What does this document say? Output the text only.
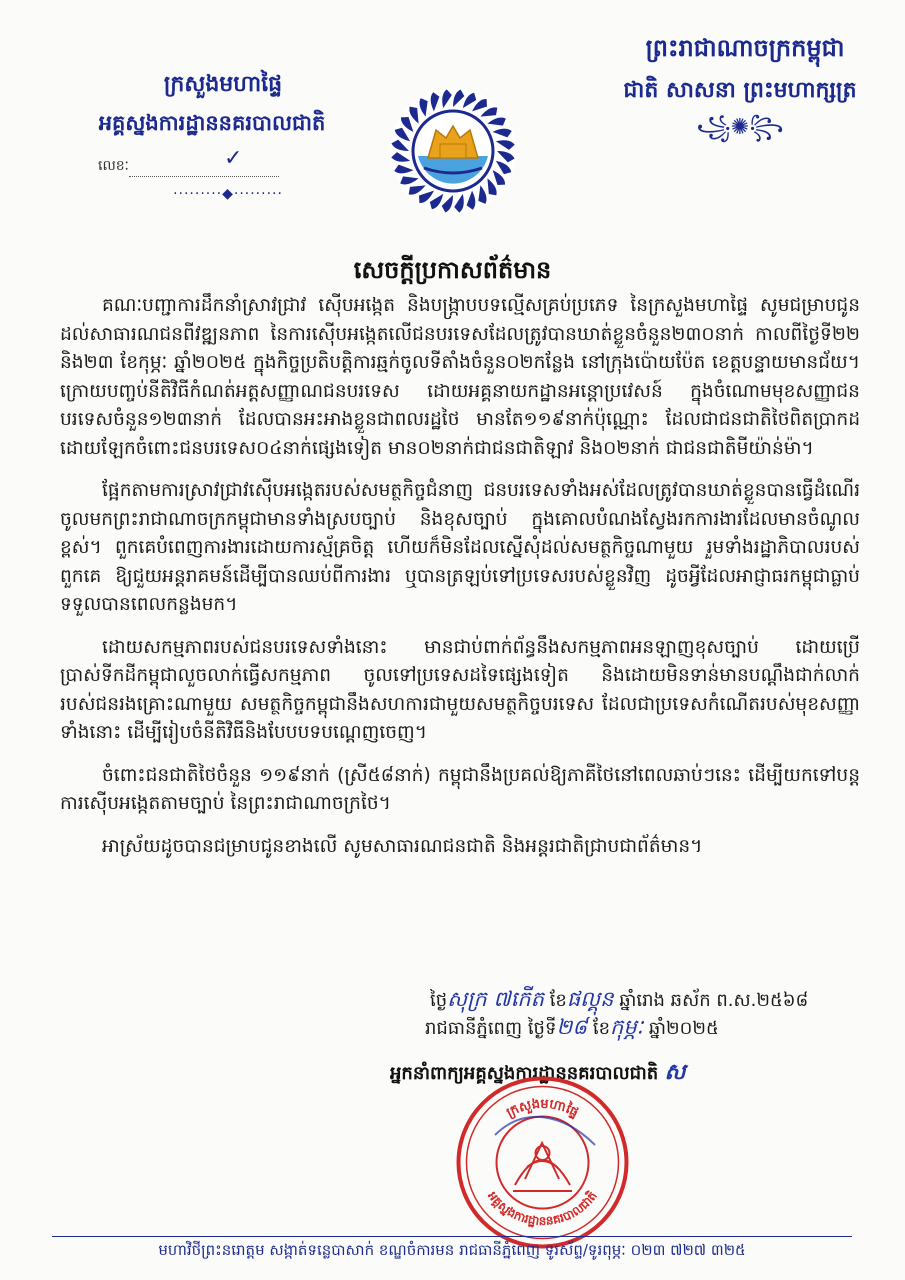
ក្រសួងមហាផ្ទៃ
អគ្គស្នងការដ្ឋាននគរបាលជាតិ
លេខៈ	✓
·········◆·········
ព្រះរាជាណាចក្រកម្ពុជា
ជាតិ សាសនា ព្រះមហាក្សត្រ
꧁✺꧂
សេចក្ដីប្រកាសព័ត៌មាន

គណៈបញ្ជាការដឹកនាំស្រាវជ្រាវ ស៊ើបអង្កេត និងបង្ក្រាបបទល្មើសគ្រប់ប្រភេទ នៃក្រសួងមហាផ្ទៃ សូមជម្រាបជូនដល់សាធារណជនពីវឌ្ឍនភាព នៃការស៊ើបអង្កេតលើជនបរទេសដែលត្រូវបានឃាត់ខ្លួនចំនួន២៣០នាក់ កាលពីថ្ងៃទី២២ និង២៣ ខែកុម្ភៈ ឆ្នាំ២០២៥ ក្នុងកិច្ចប្រតិបត្តិការឆ្មក់ចូលទីតាំងចំនួន០២កន្លែង នៅក្រុងប៉ោយប៉ែត ខេត្តបន្ទាយមានជ័យ។ ក្រោយបញ្ចប់នីតិវិធីកំណត់អត្តសញ្ញាណជនបរទេស ដោយអគ្គនាយកដ្ឋានអន្តោប្រវេសន៍ ក្នុងចំណោមមុខសញ្ញាជនបរទេសចំនួន១២៣នាក់ ដែលបានអះអាងខ្លួនជាពលរដ្ឋថៃ មានតែ១១៩នាក់ប៉ុណ្ណោះ ដែលជាជនជាតិថៃពិតប្រាកដ ដោយឡែកចំពោះជនបរទេស០៤នាក់ផ្សេងទៀត មាន០២នាក់ជាជនជាតិឡាវ និង០២នាក់ ជាជនជាតិមីយ៉ាន់ម៉ា។

ផ្អែកតាមការស្រាវជ្រាវស៊ើបអង្កេតរបស់សមត្ថកិច្ចជំនាញ ជនបរទេសទាំងអស់ដែលត្រូវបានឃាត់ខ្លួនបានធ្វើដំណើរចូលមកព្រះរាជាណាចក្រកម្ពុជាមានទាំងស្របច្បាប់ និងខុសច្បាប់ ក្នុងគោលបំណងស្វែងរកការងារដែលមានចំណូលខ្ពស់។ ពួកគេបំពេញការងារដោយការស្ម័គ្រចិត្ត ហើយក៏មិនដែលស្នើសុំដល់សមត្ថកិច្ចណាមួយ រួមទាំងរដ្ឋាភិបាលរបស់ពួកគេ ឱ្យជួយអន្តរាគមន៍ដើម្បីបានឈប់ពីការងារ ឬបានត្រឡប់ទៅប្រទេសរបស់ខ្លួនវិញ ដូចអ្វីដែលអាជ្ញាធរកម្ពុជាធ្លាប់ទទួលបានពេលកន្លងមក។

ដោយសកម្មភាពរបស់ជនបរទេសទាំងនោះ មានជាប់ពាក់ព័ន្ធនឹងសកម្មភាពអនឡាញខុសច្បាប់ ដោយប្រើប្រាស់ទីកដីកម្ពុជាលួចលាក់ធ្វើសកម្មភាព ចូលទៅប្រទេសដទៃផ្សេងទៀត និងដោយមិនទាន់មានបណ្ដឹងជាក់លាក់របស់ជនរងគ្រោះណាមួយ សមត្ថកិច្ចកម្ពុជានឹងសហការជាមួយសមត្ថកិច្ចបរទេស ដែលជាប្រទេសកំណើតរបស់មុខសញ្ញាទាំងនោះ ដើម្បីរៀបចំនីតិវិធីនិងបែបបទបណ្ដេញចេញ។

ចំពោះជនជាតិថៃចំនួន ១១៩នាក់ (ស្រី៥៨នាក់) កម្ពុជានឹងប្រគល់ឱ្យភាគីថៃនៅពេលឆាប់ៗនេះ ដើម្បីយកទៅបន្តការស៊ើបអង្កេតតាមច្បាប់ នៃព្រះរាជាណាចក្រថៃ។

អាស្រ័យដូចបានជម្រាបជូនខាងលើ សូមសាធារណជនជាតិ និងអន្តរជាតិជ្រាបជាព័ត៌មាន។

ថ្ងៃសុក្រ ៧កើត ខែផល្គុន ឆ្នាំរោង ឆស័ក ព.ស.២៥៦៨
រាជធានីភ្នំពេញ ថ្ងៃទី២៨ ខែកុម្ភៈ ឆ្នាំ២០២៥
អ្នកនាំពាក្យអគ្គស្នងការដ្ឋាននគរបាលជាតិ ស
ក្រសួងមហាផ្ទៃ
អគ្គស្នងការដ្ឋាននគរបាលជាតិ
មហាវិថីព្រះនរោត្តម សង្កាត់ទន្លេបាសាក់ ខណ្ឌចំការមន រាជធានីភ្នំពេញ ទូរស័ព្ទ/ទូរពុម្ភៈ ០២៣ ៧២៧ ៣២៥
